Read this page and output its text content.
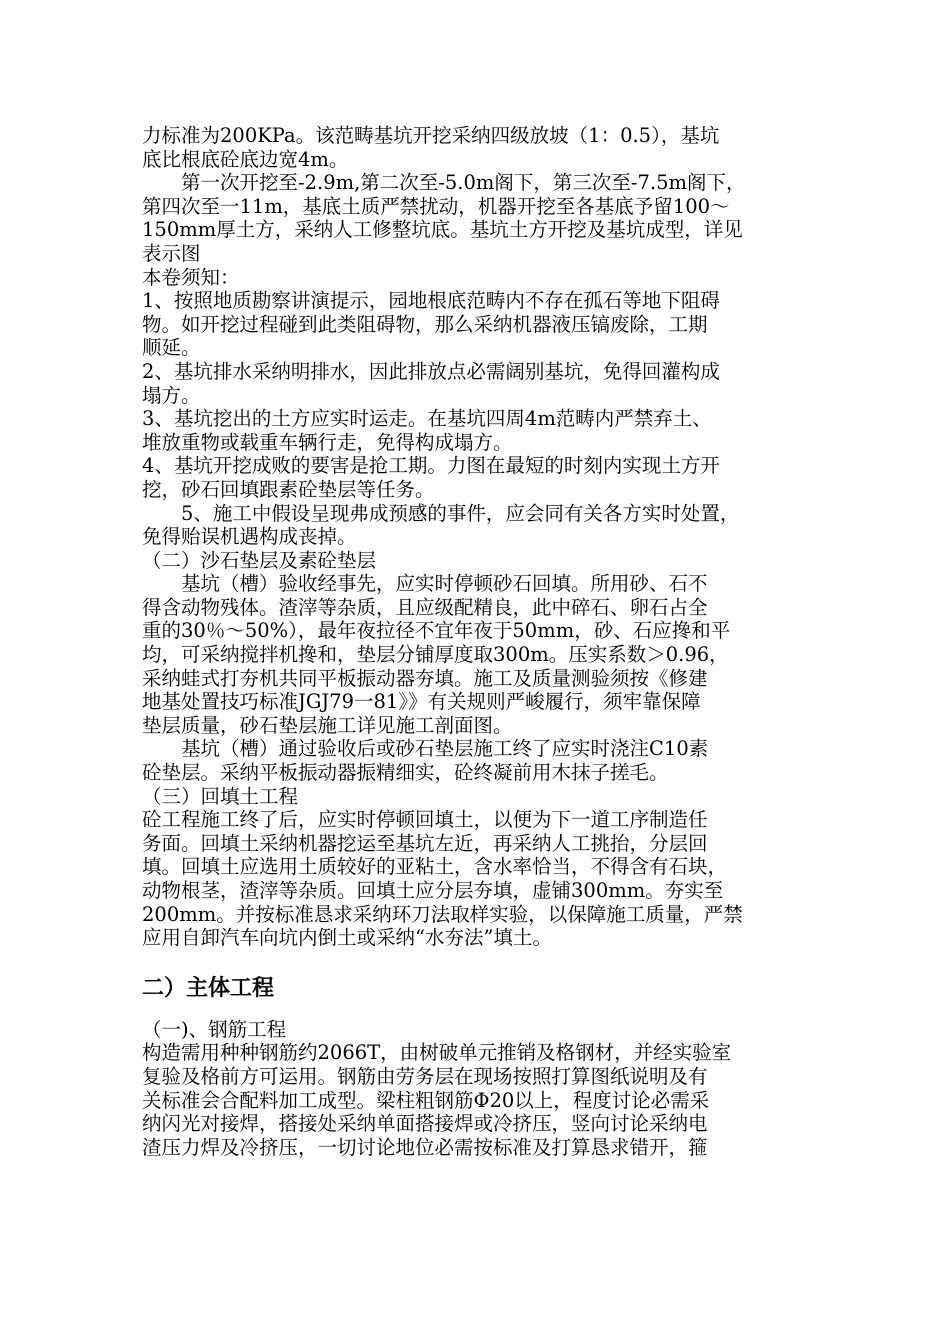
力标准为200KPa。该范畴基坑开挖采纳四级放坡（1：0.5），基坑
底比根底砼底边宽4m。
第一次开挖至-2.9m,第二次至-5.0m阁下，第三次至-7.5m阁下，
第四次至一11m，基底土质严禁扰动，机器开挖至各基底予留100～
150mm厚土方，采纳人工修整坑底。基坑土方开挖及基坑成型，详见
表示图
本卷须知：
1、按照地质勘察讲演提示，园地根底范畴内不存在孤石等地下阻碍
物。如开挖过程碰到此类阻碍物，那么采纳机器液压镐废除，工期
顺延。
2、基坑排水采纳明排水，因此排放点必需阔别基坑，免得回灌构成
塌方。
3、基坑挖出的土方应实时运走。在基坑四周4m范畴内严禁弃土、
堆放重物或载重车辆行走，免得构成塌方。
4、基坑开挖成败的要害是抢工期。力图在最短的时刻内实现土方开
挖，砂石回填跟素砼垫层等任务。
5、施工中假设呈现弗成预感的事件，应会同有关各方实时处置，
免得贻误机遇构成丧掉。
（二）沙石垫层及素砼垫层
基坑（槽）验收经事先，应实时停顿砂石回填。所用砂、石不
得含动物残体。渣滓等杂质，且应级配精良，此中碎石、卵石占全
重的30％～50%），最年夜拉径不宜年夜于50mm，砂、石应搀和平
均，可采纳搅拌机搀和，垫层分铺厚度取300m。压实系数＞0.96，
采纳蛙式打夯机共同平板振动器夯填。施工及质量测验须按《修建
地基处置技巧标准JGJ79一81》》有关规则严峻履行，须牢靠保障
垫层质量，砂石垫层施工详见施工剖面图。
基坑（槽）通过验收后或砂石垫层施工终了应实时浇注C10素
砼垫层。采纳平板振动器振精细实，砼终凝前用木抹子搓毛。
（三）回填土工程
砼工程施工终了后，应实时停顿回填土，以便为下一道工序制造任
务面。回填土采纳机器挖运至基坑左近，再采纳人工挑抬，分层回
填。回填土应选用土质较好的亚粘土，含水率恰当，不得含有石块，
动物根茎，渣滓等杂质。回填土应分层夯填，虚铺300mm。夯实至
200mm。并按标准恳求采纳环刀法取样实验，以保障施工质量，严禁
应用自卸汽车向坑内倒土或采纳“水夯法”填土。
二）主体工程
（一)、钢筋工程
构造需用种种钢筋约2066T，由树破单元推销及格钢材，并经实验室
复验及格前方可运用。钢筋由劳务层在现场按照打算图纸说明及有
关标准会合配料加工成型。梁柱粗钢筋Φ20以上，程度讨论必需采
纳闪光对接焊，搭接处采纳单面搭接焊或冷挤压，竖向讨论采纳电
渣压力焊及冷挤压，一切讨论地位必需按标准及打算恳求错开，箍
